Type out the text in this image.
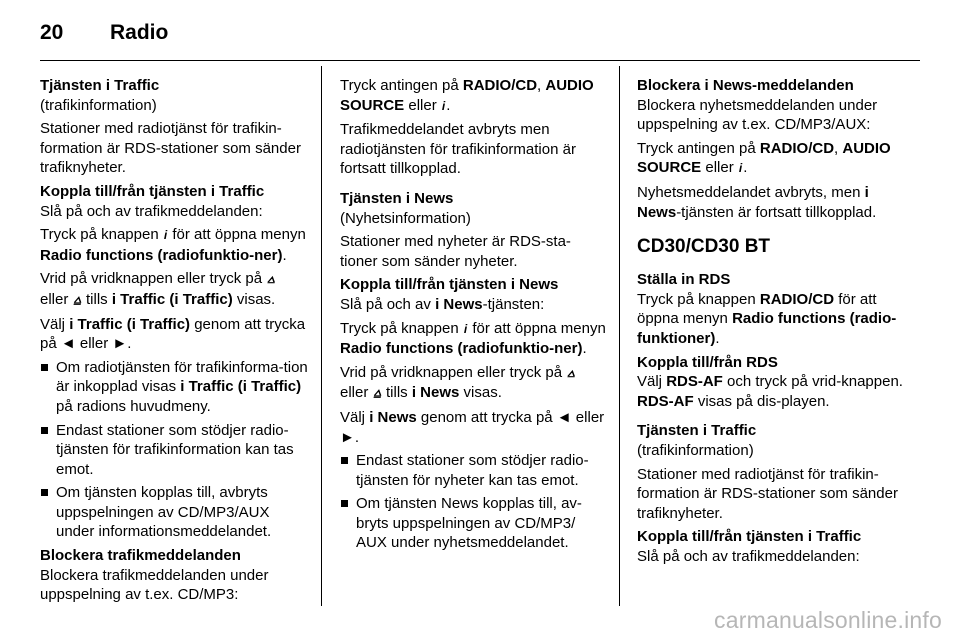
20	Radio
Tjänsten i Traffic

(trafikinformation)

Stationer med radiotjänst för trafikin-formation är RDS-stationer som sänder trafiknyheter.

Koppla till/från tjänsten i Traffic

Slå på och av trafikmeddelanden:

Tryck på knappen i för att öppna menyn Radio functions (radiofunktio-ner).

Vrid på vridknappen eller tryck på ⩟ eller ⩠ tills i Traffic (i Traffic) visas.

Välj i Traffic (i Traffic) genom att trycka på ◄ eller ►.

Om radiotjänsten för trafikinforma-tion är inkopplad visas i Traffic (i Traffic) på radions huvudmeny.
Endast stationer som stödjer radio-tjänsten för trafikinformation kan tas emot.
Om tjänsten kopplas till, avbryts uppspelningen av CD/MP3/AUX under informationsmeddelandet.
Blockera trafikmeddelanden

Blockera trafikmeddelanden under uppspelning av t.ex. CD/MP3:

Tryck antingen på RADIO/CD, AUDIO SOURCE eller i.

Trafikmeddelandet avbryts men radiotjänsten för trafikinformation är fortsatt tillkopplad.

Tjänsten i News

(Nyhetsinformation)

Stationer med nyheter är RDS-sta-tioner som sänder nyheter.

Koppla till/från tjänsten i News

Slå på och av i News-tjänsten:

Tryck på knappen i för att öppna menyn Radio functions (radiofunktio-ner).

Vrid på vridknappen eller tryck på ⩟ eller ⩠ tills i News visas.

Välj i News genom att trycka på ◄ eller ►.

Endast stationer som stödjer radio-tjänsten för nyheter kan tas emot.
Om tjänsten News kopplas till, av-bryts uppspelningen av CD/MP3/ AUX under nyhetsmeddelandet.
Blockera i News-meddelanden

Blockera nyhetsmeddelanden under uppspelning av t.ex. CD/MP3/AUX:

Tryck antingen på RADIO/CD, AUDIO SOURCE eller i.

Nyhetsmeddelandet avbryts, men i News-tjänsten är fortsatt tillkopplad.

CD30/CD30 BT
Ställa in RDS

Tryck på knappen RADIO/CD för att öppna menyn Radio functions (radio-funktioner).

Koppla till/från RDS

Välj RDS-AF och tryck på vrid-knappen. RDS-AF visas på dis-playen.

Tjänsten i Traffic

(trafikinformation)

Stationer med radiotjänst för trafikin-formation är RDS-stationer som sänder trafiknyheter.

Koppla till/från tjänsten i Traffic

Slå på och av trafikmeddelanden:

carmanualsonline.info
